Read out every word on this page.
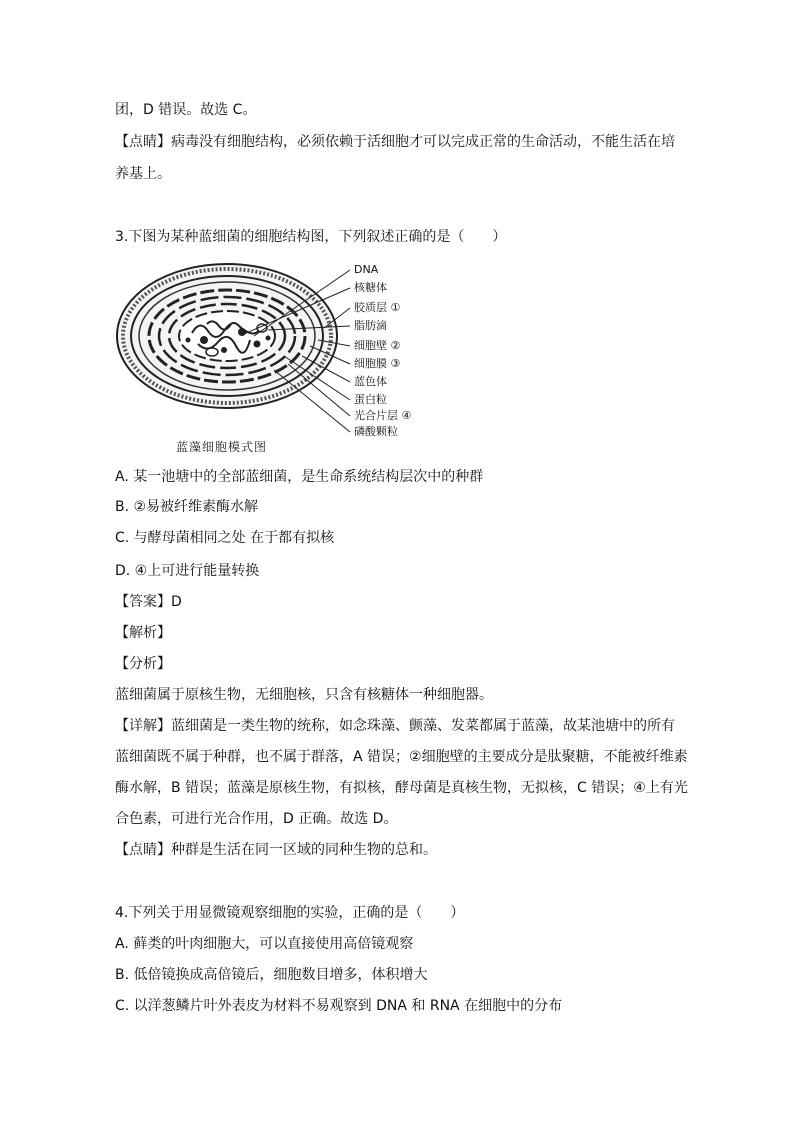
团，D 错误。故选 C。
【点睛】病毒没有细胞结构，必须依赖于活细胞才可以完成正常的生命活动，不能生活在培
养基上。
3.下图为某种蓝细菌的细胞结构图，下列叙述正确的是（　　）
DNA
核糖体
胶质层 ①
脂肪滴
细胞壁 ②
细胞膜 ③
蓝色体
蛋白粒
光合片层 ④
磷酸颗粒
蓝藻细胞模式图
A. 某一池塘中的全部蓝细菌，是生命系统结构层次中的种群
B. ②易被纤维素酶水解
C. 与酵母菌相同之处 在于都有拟核
D. ④上可进行能量转换
【答案】D
【解析】
【分析】
蓝细菌属于原核生物，无细胞核，只含有核糖体一种细胞器。
【详解】蓝细菌是一类生物的统称，如念珠藻、颤藻、发菜都属于蓝藻，故某池塘中的所有
蓝细菌既不属于种群，也不属于群落，A 错误；②细胞壁的主要成分是肽聚糖，不能被纤维素
酶水解，B 错误；蓝藻是原核生物，有拟核，酵母菌是真核生物，无拟核，C 错误；④上有光
合色素，可进行光合作用，D 正确。故选 D。
【点睛】种群是生活在同一区域的同种生物的总和。
4.下列关于用显微镜观察细胞的实验，正确的是（　　）
A. 藓类的叶肉细胞大，可以直接使用高倍镜观察
B. 低倍镜换成高倍镜后，细胞数目增多，体积增大
C. 以洋葱鳞片叶外表皮为材料不易观察到 DNA 和 RNA 在细胞中的分布
